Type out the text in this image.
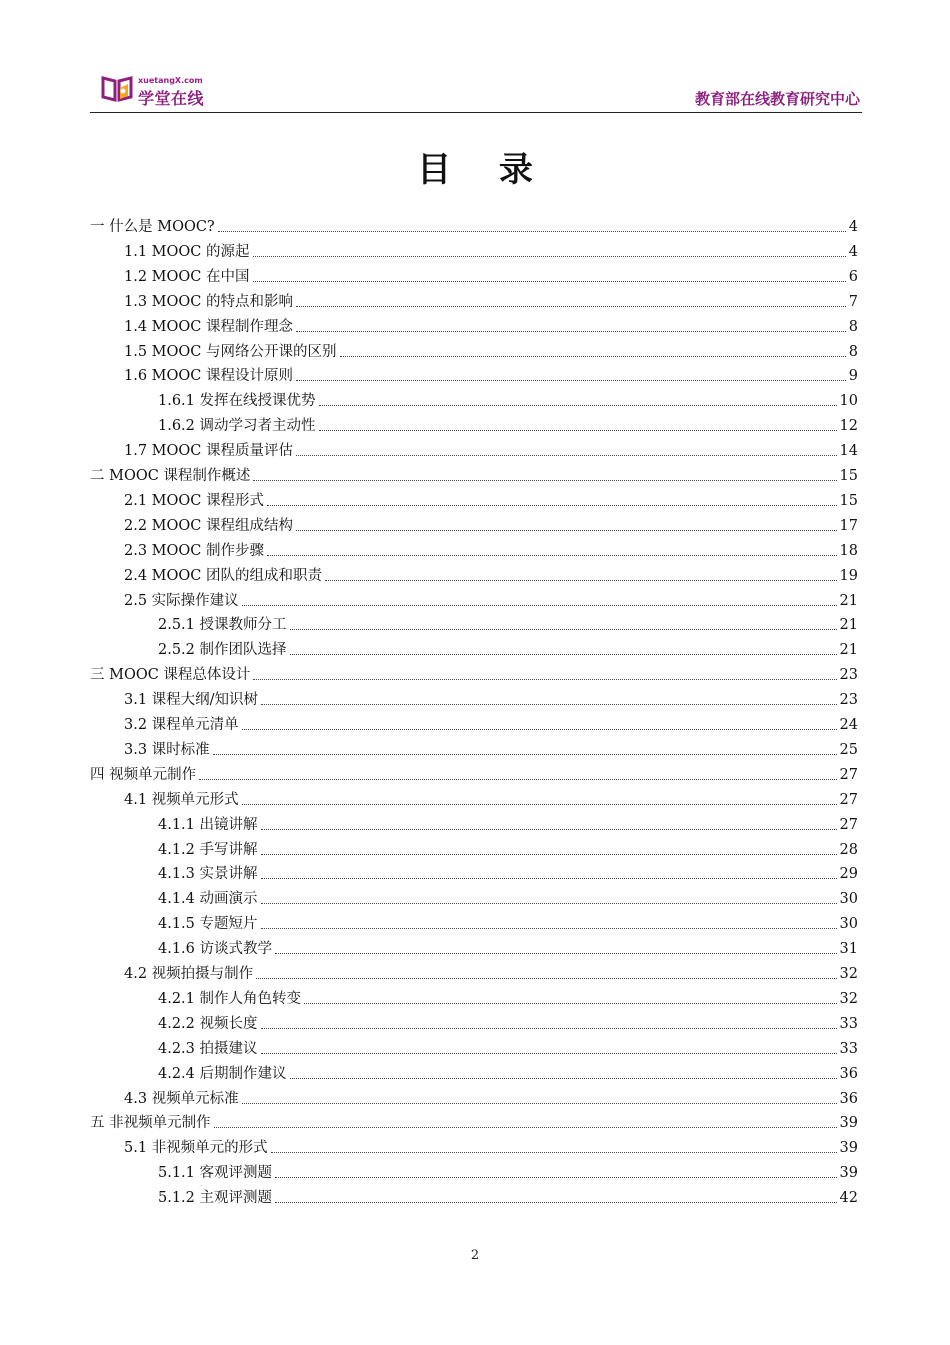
xuetangX.com
学堂在线	教育部在线教育研究中心
目 录
一 什么是 MOOC?	4
1.1 MOOC 的源起	4
1.2 MOOC 在中国	6
1.3 MOOC 的特点和影响	7
1.4 MOOC 课程制作理念	8
1.5 MOOC 与网络公开课的区别	8
1.6 MOOC 课程设计原则	9
1.6.1 发挥在线授课优势	10
1.6.2 调动学习者主动性	12
1.7 MOOC 课程质量评估	14
二 MOOC 课程制作概述	15
2.1 MOOC 课程形式	15
2.2 MOOC 课程组成结构	17
2.3 MOOC 制作步骤	18
2.4 MOOC 团队的组成和职责	19
2.5 实际操作建议	21
2.5.1 授课教师分工	21
2.5.2 制作团队选择	21
三 MOOC 课程总体设计	23
3.1 课程大纲/知识树	23
3.2 课程单元清单	24
3.3 课时标准	25
四 视频单元制作	27
4.1 视频单元形式	27
4.1.1 出镜讲解	27
4.1.2 手写讲解	28
4.1.3 实景讲解	29
4.1.4 动画演示	30
4.1.5 专题短片	30
4.1.6 访谈式教学	31
4.2 视频拍摄与制作	32
4.2.1 制作人角色转变	32
4.2.2 视频长度	33
4.2.3 拍摄建议	33
4.2.4 后期制作建议	36
4.3 视频单元标准	36
五 非视频单元制作	39
5.1 非视频单元的形式	39
5.1.1 客观评测题	39
5.1.2 主观评测题	42
2
